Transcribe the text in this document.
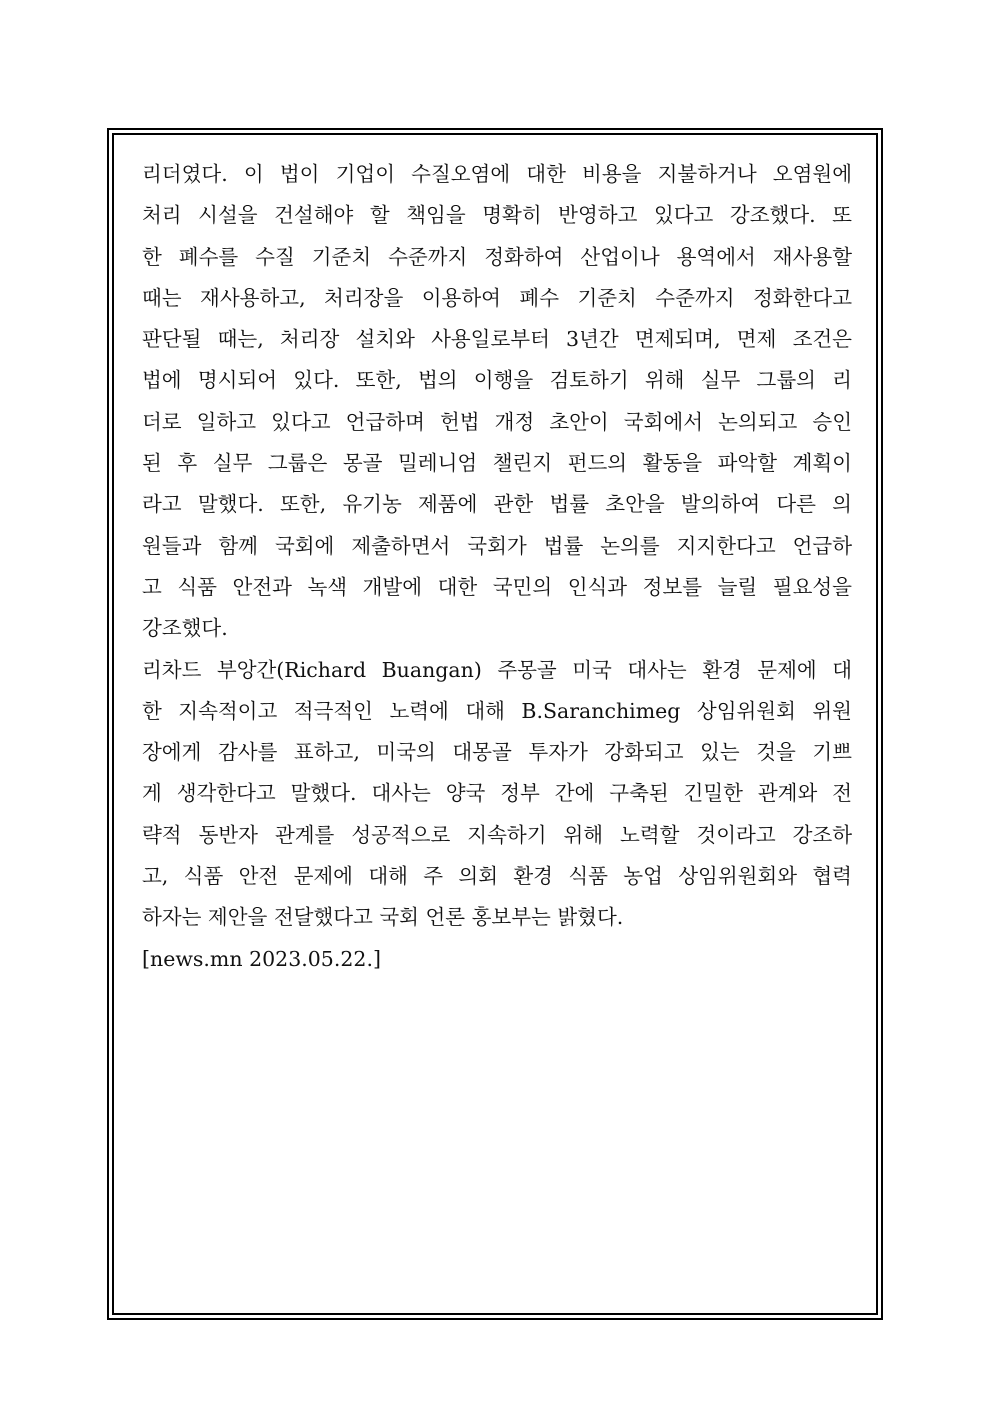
리더였다. 이 법이 기업이 수질오염에 대한 비용을 지불하거나 오염원에
처리 시설을 건설해야 할 책임을 명확히 반영하고 있다고 강조했다. 또
한 폐수를 수질 기준치 수준까지 정화하여 산업이나 용역에서 재사용할
때는 재사용하고, 처리장을 이용하여 폐수 기준치 수준까지 정화한다고
판단될 때는, 처리장 설치와 사용일로부터 3년간 면제되며, 면제 조건은
법에 명시되어 있다. 또한, 법의 이행을 검토하기 위해 실무 그룹의 리
더로 일하고 있다고 언급하며 헌법 개정 초안이 국회에서 논의되고 승인
된 후 실무 그룹은 몽골 밀레니엄 챌린지 펀드의 활동을 파악할 계획이
라고 말했다. 또한, 유기농 제품에 관한 법률 초안을 발의하여 다른 의
원들과 함께 국회에 제출하면서 국회가 법률 논의를 지지한다고 언급하
고 식품 안전과 녹색 개발에 대한 국민의 인식과 정보를 늘릴 필요성을
강조했다.
리차드 부앙간(Richard Buangan) 주몽골 미국 대사는 환경 문제에 대
한 지속적이고 적극적인 노력에 대해 B.Saranchimeg 상임위원회 위원
장에게 감사를 표하고, 미국의 대몽골 투자가 강화되고 있는 것을 기쁘
게 생각한다고 말했다. 대사는 양국 정부 간에 구축된 긴밀한 관계와 전
략적 동반자 관계를 성공적으로 지속하기 위해 노력할 것이라고 강조하
고, 식품 안전 문제에 대해 주 의회 환경 식품 농업 상임위원회와 협력
하자는 제안을 전달했다고 국회 언론 홍보부는 밝혔다.
[news.mn 2023.05.22.]
